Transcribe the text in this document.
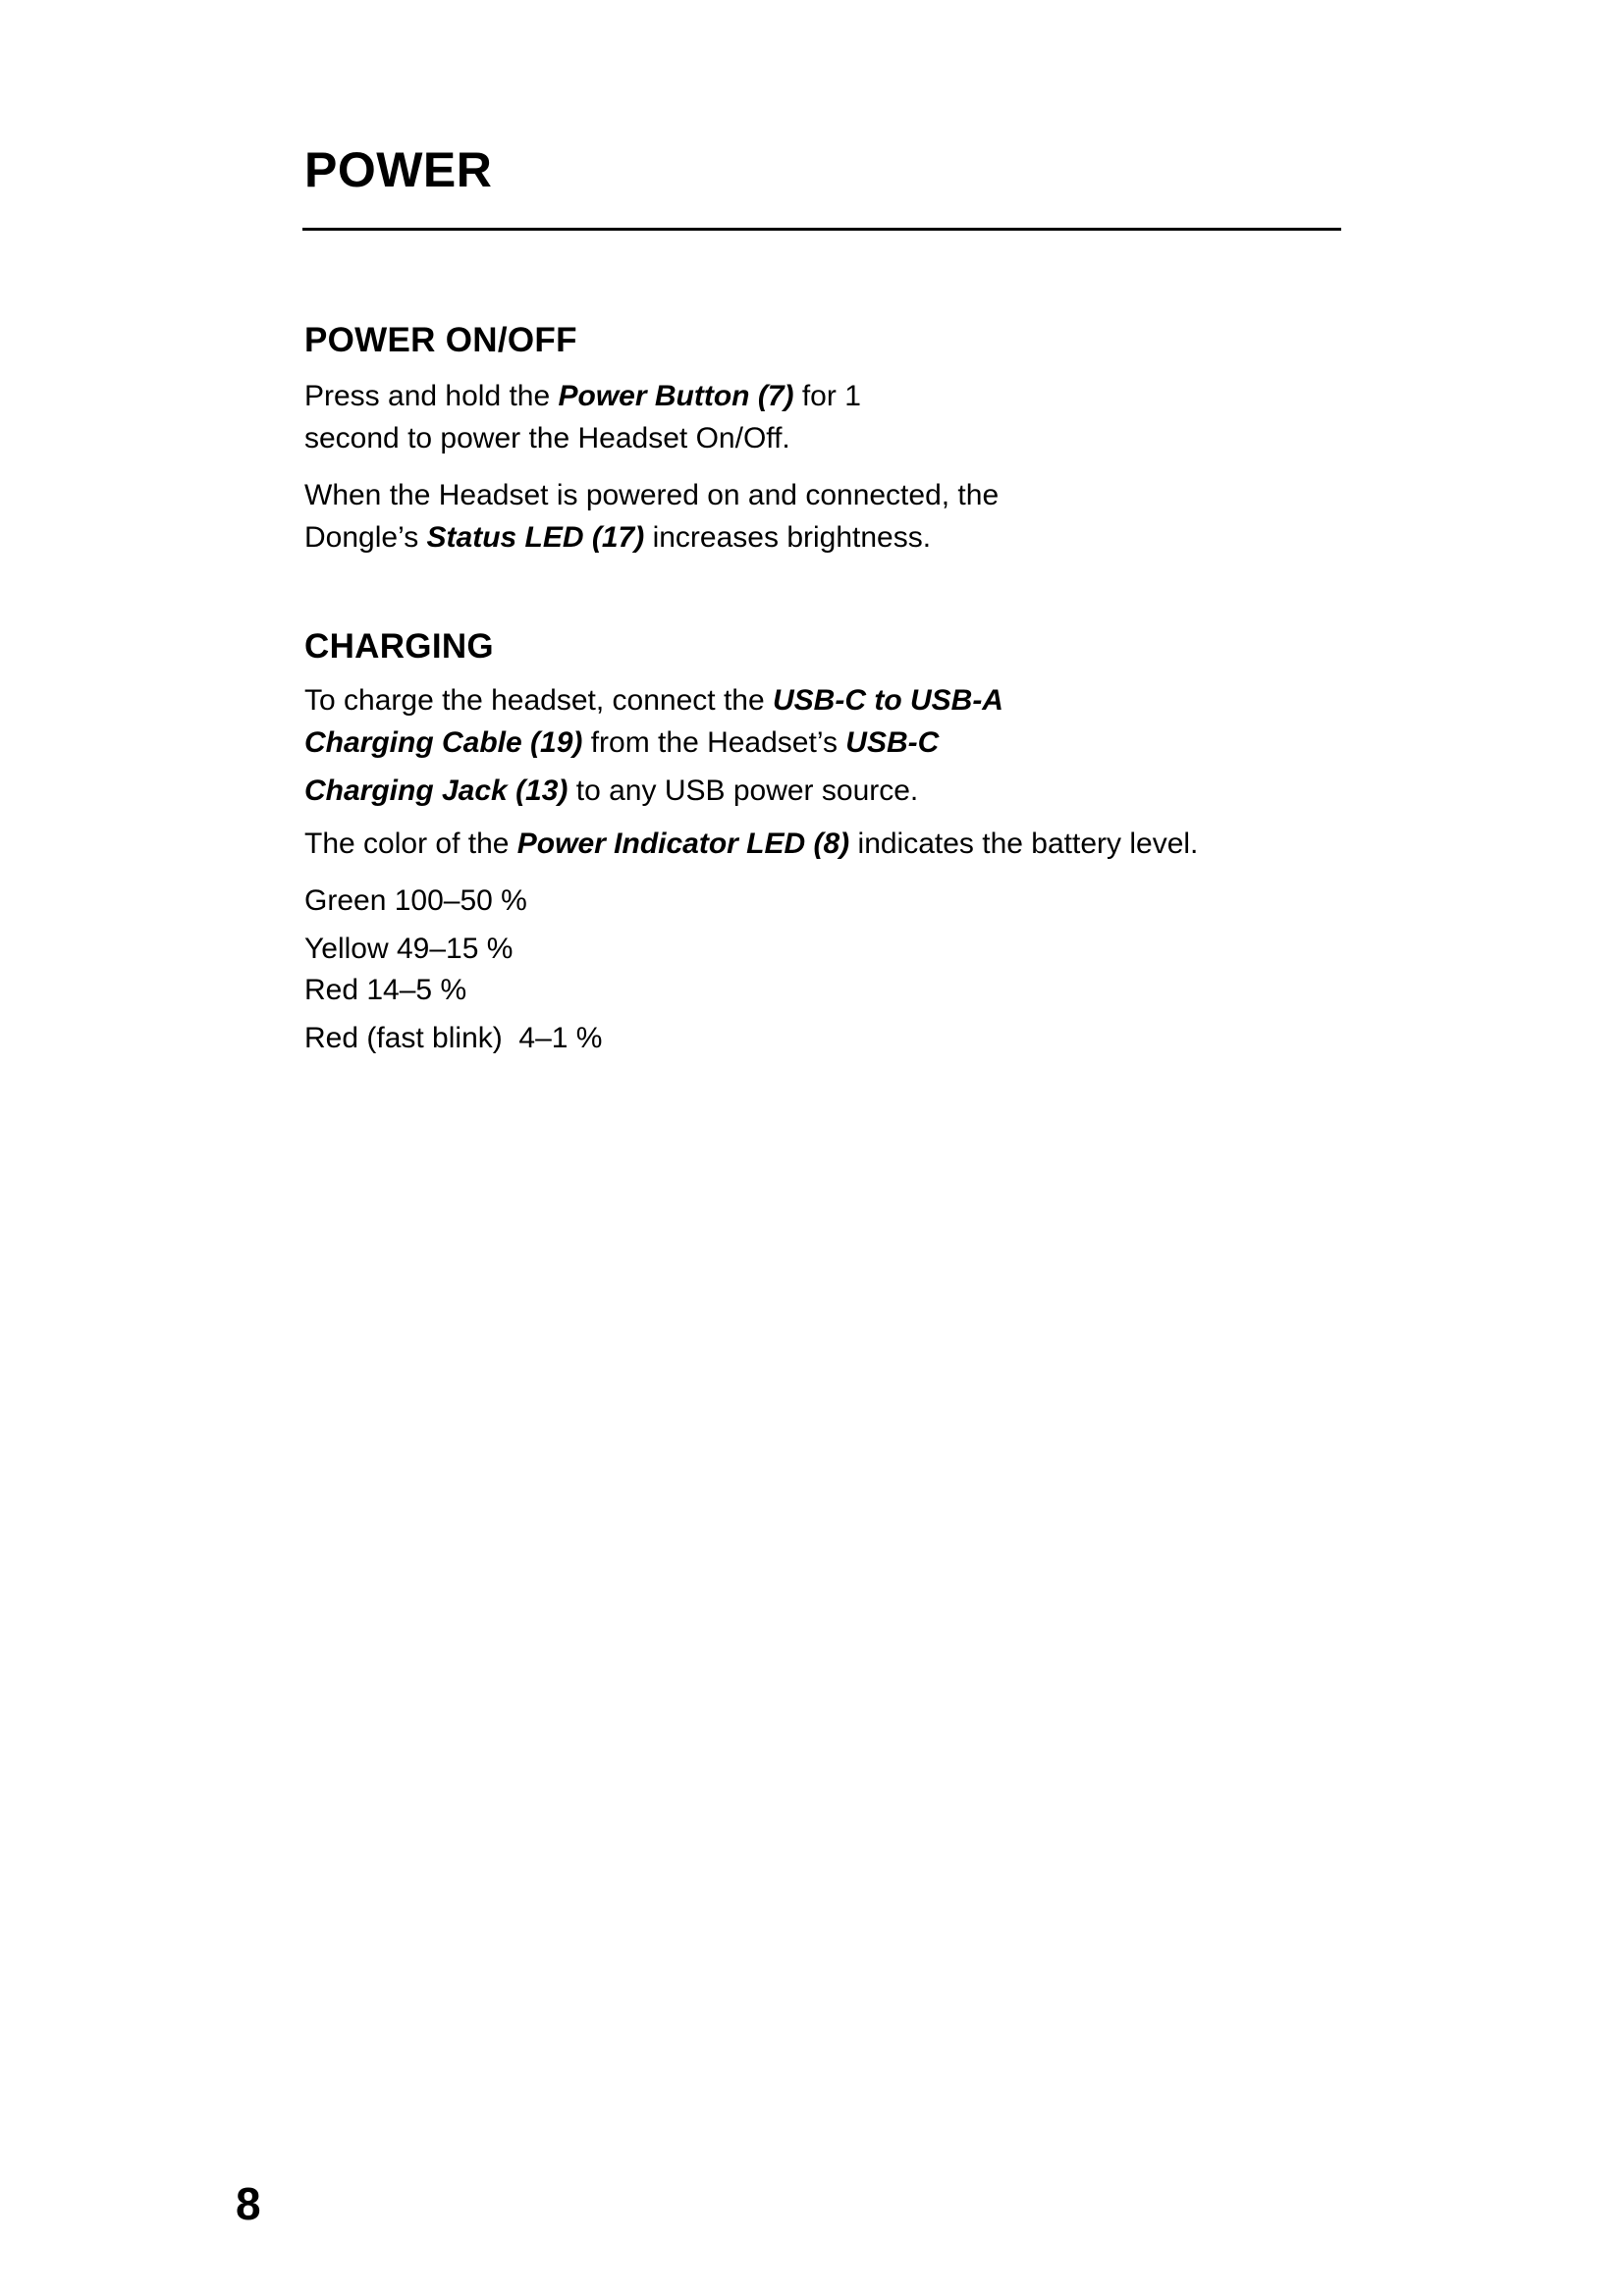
POWER
POWER ON/OFF

Press and hold the Power Button (7) for 1

second to power the Headset On/Off.

When the Headset is powered on and connected, the

Dongle’s Status LED (17) increases brightness.

CHARGING

To charge the headset, connect the USB-C to USB-A

Charging Cable (19) from the Headset’s USB-C

Charging Jack (13) to any USB power source.

The color of the Power Indicator LED (8) indicates the battery level.

Green 100–50 %

Yellow 49–15 %

Red 14–5 %

Red (fast blink)  4–1 %

8
